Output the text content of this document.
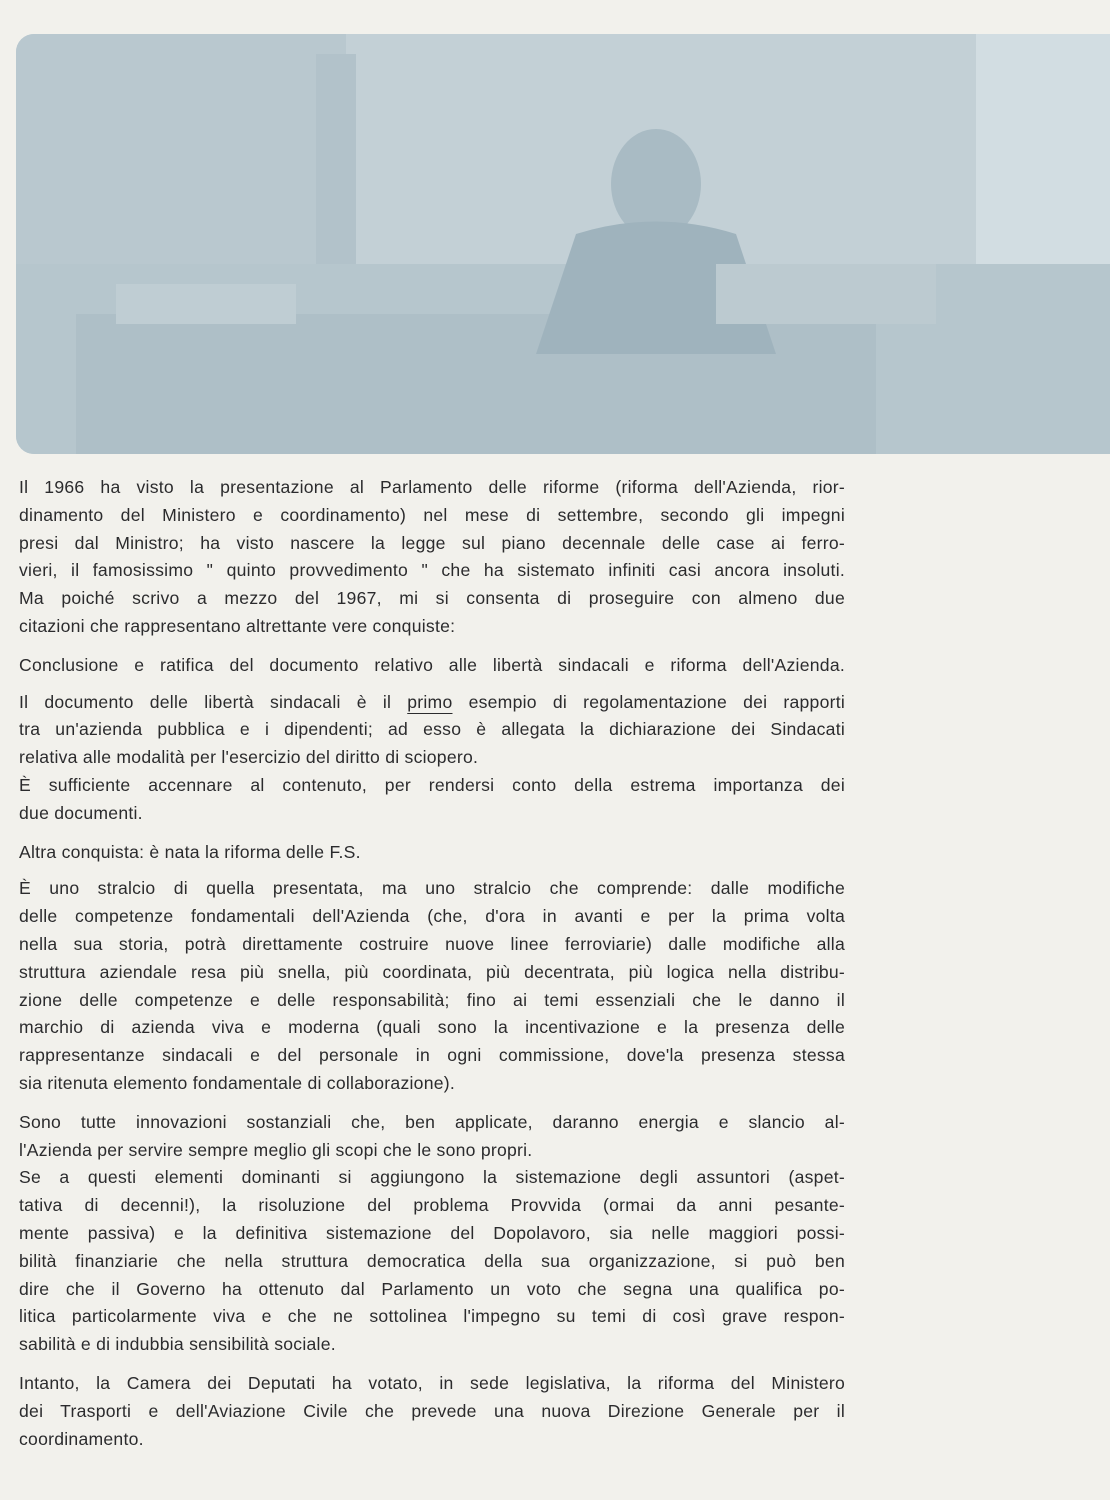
Il 1966 ha visto la presentazione al Parlamento delle riforme (riforma dell'Azienda, rior-

dinamento del Ministero e coordinamento) nel mese di settembre, secondo gli impegni

presi dal Ministro; ha visto nascere la legge sul piano decennale delle case ai ferro-

vieri, il famosissimo " quinto provvedimento " che ha sistemato infiniti casi ancora insoluti.

Ma poiché scrivo a mezzo del 1967, mi si consenta di proseguire con almeno due

citazioni che rappresentano altrettante vere conquiste:

Conclusione e ratifica del documento relativo alle libertà sindacali e riforma dell'Azienda.

Il documento delle libertà sindacali è il primo esempio di regolamentazione dei rapporti

tra un'azienda pubblica e i dipendenti; ad esso è allegata la dichiarazione dei Sindacati

relativa alle modalità per l'esercizio del diritto di sciopero.

È sufficiente accennare al contenuto, per rendersi conto della estrema importanza dei

due documenti.

Altra conquista: è nata la riforma delle F.S.

È uno stralcio di quella presentata, ma uno stralcio che comprende: dalle modifiche

delle competenze fondamentali dell'Azienda (che, d'ora in avanti e per la prima volta

nella sua storia, potrà direttamente costruire nuove linee ferroviarie) dalle modifiche alla

struttura aziendale resa più snella, più coordinata, più decentrata, più logica nella distribu-

zione delle competenze e delle responsabilità; fino ai temi essenziali che le danno il

marchio di azienda viva e moderna (quali sono la incentivazione e la presenza delle

rappresentanze sindacali e del personale in ogni commissione, dove'la presenza stessa

sia ritenuta elemento fondamentale di collaborazione).

Sono tutte innovazioni sostanziali che, ben applicate, daranno energia e slancio al-

l'Azienda per servire sempre meglio gli scopi che le sono propri.

Se a questi elementi dominanti si aggiungono la sistemazione degli assuntori (aspet-

tativa di decenni!), la risoluzione del problema Provvida (ormai da anni pesante-

mente passiva) e la definitiva sistemazione del Dopolavoro, sia nelle maggiori possi-

bilità finanziarie che nella struttura democratica della sua organizzazione, si può ben

dire che il Governo ha ottenuto dal Parlamento un voto che segna una qualifica po-

litica particolarmente viva e che ne sottolinea l'impegno su temi di così grave respon-

sabilità e di indubbia sensibilità sociale.

Intanto, la Camera dei Deputati ha votato, in sede legislativa, la riforma del Ministero

dei Trasporti e dell'Aviazione Civile che prevede una nuova Direzione Generale per il

coordinamento.
